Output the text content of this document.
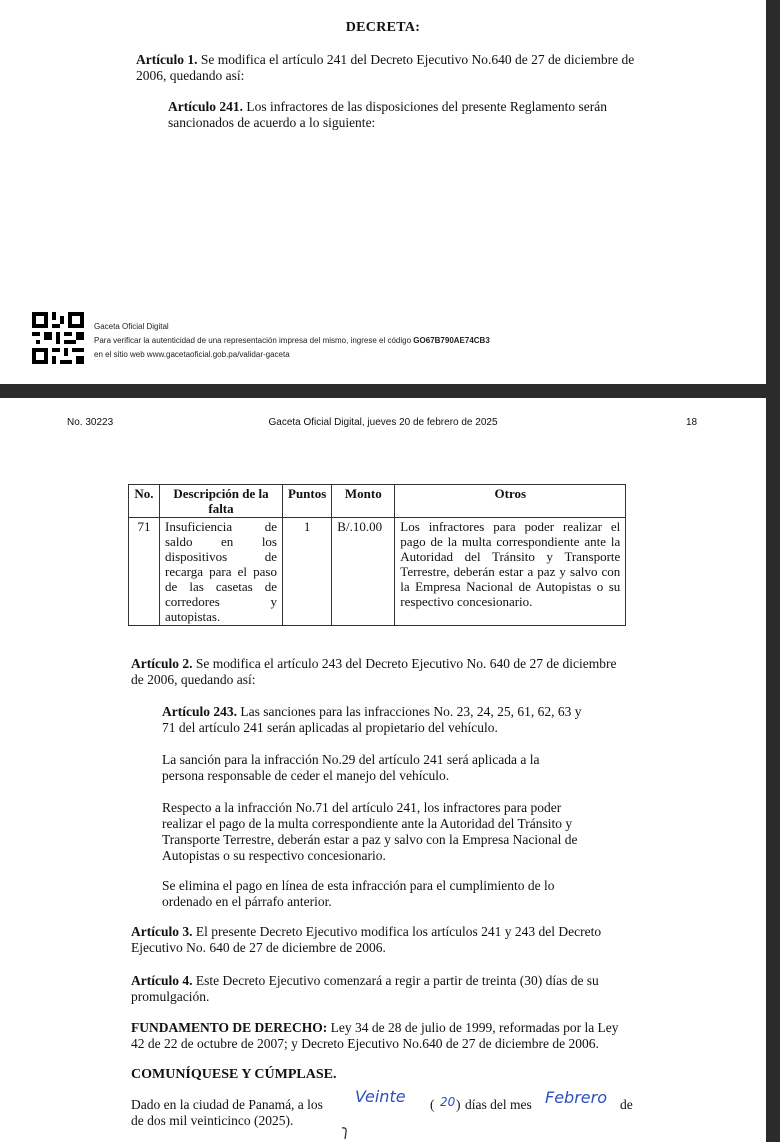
DECRETA:
Artículo 1. Se modifica el artículo 241 del Decreto Ejecutivo No.640 de 27 de diciembre de 2006, quedando así:
Artículo 241. Los infractores de las disposiciones del presente Reglamento serán sancionados de acuerdo a lo siguiente:
Gaceta Oficial Digital
Para verificar la autenticidad de una representación impresa del mismo, ingrese el código GO67B790AE74CB3
en el sitio web www.gacetaoficial.gob.pa/validar-gaceta
No. 30223	Gaceta Oficial Digital, jueves 20 de febrero de 2025	18
No.	Descripción de la falta	Puntos	Monto	Otros
71	Insuficiencia de saldo en los dispositivos de recarga para el paso de las casetas de corredores y autopistas.	1	B/.10.00	Los infractores para poder realizar el pago de la multa correspondiente ante la Autoridad del Tránsito y Transporte Terrestre, deberán estar a paz y salvo con la Empresa Nacional de Autopistas o su respectivo concesionario.
Artículo 2. Se modifica el artículo 243 del Decreto Ejecutivo No. 640 de 27 de diciembre de 2006, quedando así:
Artículo 243. Las sanciones para las infracciones No. 23, 24, 25, 61, 62, 63 y 71 del artículo 241 serán aplicadas al propietario del vehículo.
La sanción para la infracción No.29 del artículo 241 será aplicada a la persona responsable de ceder el manejo del vehículo.
Respecto a la infracción No.71 del artículo 241, los infractores para poder realizar el pago de la multa correspondiente ante la Autoridad del Tránsito y Transporte Terrestre, deberán estar a paz y salvo con la Empresa Nacional de Autopistas o su respectivo concesionario.
Se elimina el pago en línea de esta infracción para el cumplimiento de lo ordenado en el párrafo anterior.
Artículo 3. El presente Decreto Ejecutivo modifica los artículos 241 y 243 del Decreto Ejecutivo No. 640 de 27 de diciembre de 2006.
Artículo 4. Este Decreto Ejecutivo comenzará a regir a partir de treinta (30) días de su promulgación.
FUNDAMENTO DE DERECHO: Ley 34 de 28 de julio de 1999, reformadas por la Ley 42 de 22 de octubre de 2007; y Decreto Ejecutivo No.640 de 27 de diciembre de 2006.
COMUNÍQUESE Y CÚMPLASE.
Dado en la ciudad de Panamá, a los	Veinte ( 20 ) días del mes Febrero de
de dos mil veinticinco (2025).
